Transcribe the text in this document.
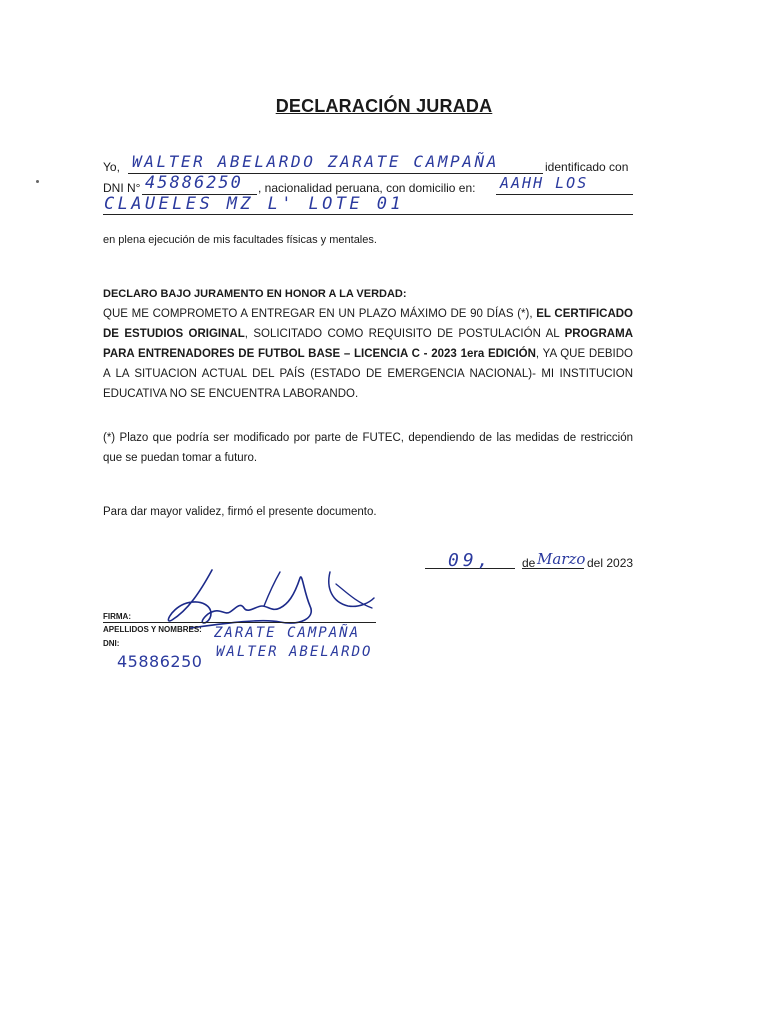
DECLARACIÓN JURADA
Yo, WALTER ABELARDO ZARATE CAMPAÑA	identificado con
DNI N° 45886250 , nacionalidad peruana, con domicilio en: AAHH LOS
CLAUELES MZ L' LOTE 01
en plena ejecución de mis facultades físicas y mentales.
DECLARO BAJO JURAMENTO EN HONOR A LA VERDAD:
QUE ME COMPROMETO A ENTREGAR EN UN PLAZO MÁXIMO DE 90 DÍAS (*), EL CERTIFICADO DE ESTUDIOS ORIGINAL, SOLICITADO COMO REQUISITO DE POSTULACIÓN AL PROGRAMA PARA ENTRENADORES DE FUTBOL BASE – LICENCIA C - 2023 1era EDICIÓN, YA QUE DEBIDO A LA SITUACION ACTUAL DEL PAÍS (ESTADO DE EMERGENCIA NACIONAL)- MI INSTITUCION EDUCATIVA NO SE ENCUENTRA LABORANDO.
(*) Plazo que podría ser modificado por parte de FUTEC, dependiendo de las medidas de restricción que se puedan tomar a futuro.
Para dar mayor validez, firmó el presente documento.
09, de Marzo del 2023
FIRMA:
APELLIDOS Y NOMBRES:
DNI:
ZARATE CAMPAÑA
WALTER ABELARDO
45886250
